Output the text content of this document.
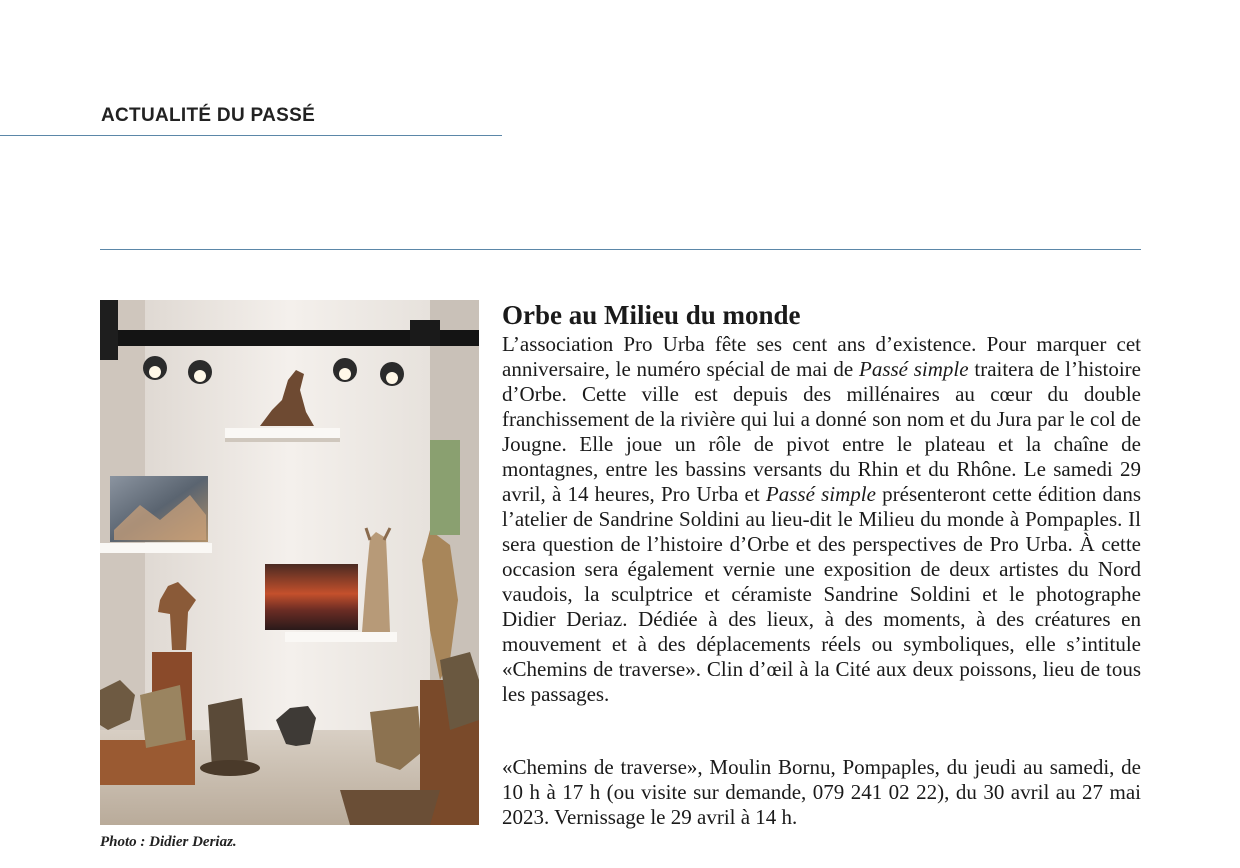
ACTUALITÉ DU PASSÉ
Photo : Didier Deriaz.
Orbe au Milieu du monde

L’association Pro Urba fête ses cent ans d’existence. Pour marquer cet anniversaire, le numéro spécial de mai de Passé simple traitera de l’histoire d’Orbe. Cette ville est depuis des millénaires au cœur du double franchissement de la rivière qui lui a donné son nom et du Jura par le col de Jougne. Elle joue un rôle de pivot entre le plateau et la chaîne de montagnes, entre les bassins versants du Rhin et du Rhône. Le samedi 29 avril, à 14 heures, Pro Urba et Passé simple présenteront cette édition dans l’atelier de Sandrine Soldini au lieu-dit le Milieu du monde à Pompaples. Il sera question de l’histoire d’Orbe et des perspectives de Pro Urba. À cette occasion sera également vernie une exposition de deux artistes du Nord vaudois, la sculptrice et céramiste Sandrine Soldini et le photographe Didier Deriaz. Dédiée à des lieux, à des moments, à des créatures en mouvement et à des déplacements réels ou symboliques, elle s’intitule «Chemins de traverse». Clin d’œil à la Cité aux deux poissons, lieu de tous les passages.

«Chemins de traverse», Moulin Bornu, Pompaples, du jeudi au samedi, de 10 h à 17 h (ou visite sur demande, 079 241 02 22), du 30 avril au 27 mai 2023. Vernissage le 29 avril à 14 h.
